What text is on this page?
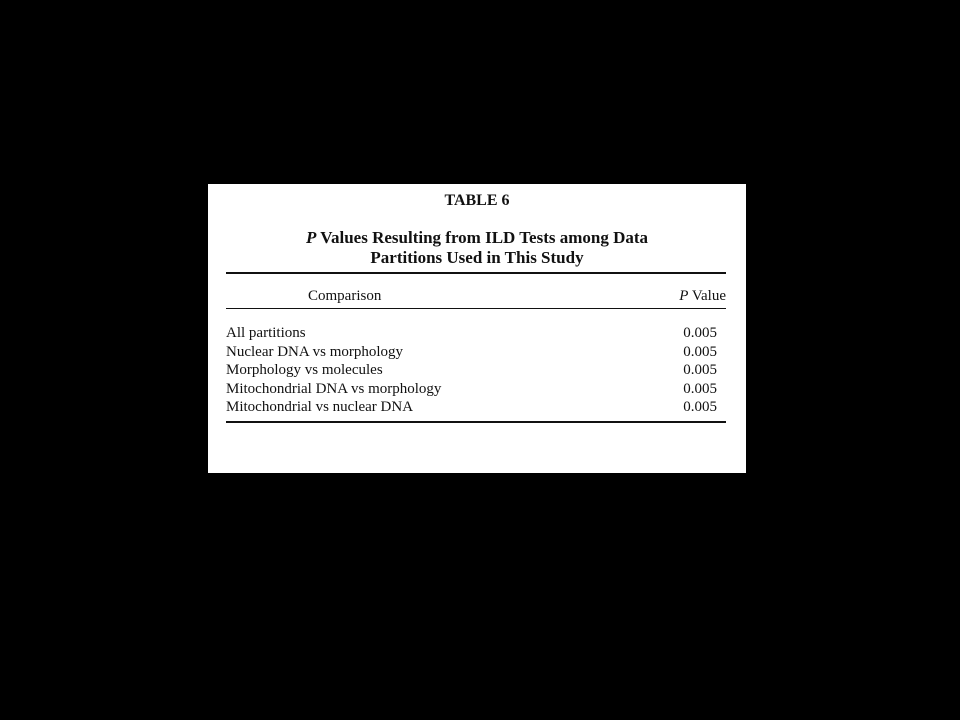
TABLE 6
P Values Resulting from ILD Tests among Data
Partitions Used in This Study
Comparison	P Value
All partitions	0.005
Nuclear DNA vs morphology	0.005
Morphology vs molecules	0.005
Mitochondrial DNA vs morphology	0.005
Mitochondrial vs nuclear DNA	0.005
